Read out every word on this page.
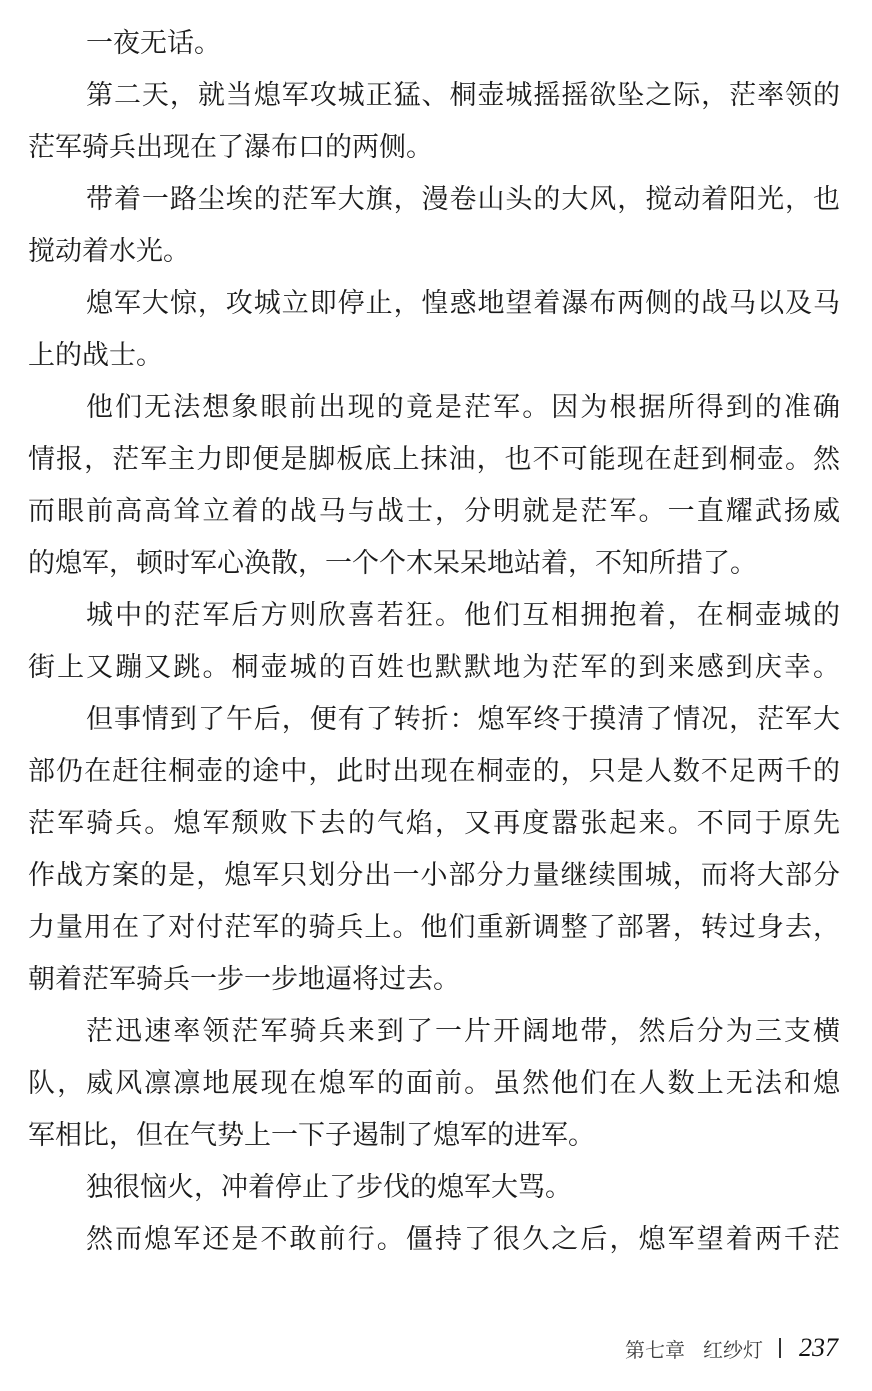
一夜无话。
第二天，就当熄军攻城正猛、桐壶城摇摇欲坠之际，茫率领的
茫军骑兵出现在了瀑布口的两侧。
带着一路尘埃的茫军大旗，漫卷山头的大风，搅动着阳光，也
搅动着水光。
熄军大惊，攻城立即停止，惶惑地望着瀑布两侧的战马以及马
上的战士。
他们无法想象眼前出现的竟是茫军。因为根据所得到的准确
情报，茫军主力即便是脚板底上抹油，也不可能现在赶到桐壶。然
而眼前高高耸立着的战马与战士，分明就是茫军。一直耀武扬威
的熄军，顿时军心涣散，一个个木呆呆地站着，不知所措了。
城中的茫军后方则欣喜若狂。他们互相拥抱着，在桐壶城的
街上又蹦又跳。桐壶城的百姓也默默地为茫军的到来感到庆幸。
但事情到了午后，便有了转折：熄军终于摸清了情况，茫军大
部仍在赶往桐壶的途中，此时出现在桐壶的，只是人数不足两千的
茫军骑兵。熄军颓败下去的气焰，又再度嚣张起来。不同于原先
作战方案的是，熄军只划分出一小部分力量继续围城，而将大部分
力量用在了对付茫军的骑兵上。他们重新调整了部署，转过身去，
朝着茫军骑兵一步一步地逼将过去。
茫迅速率领茫军骑兵来到了一片开阔地带，然后分为三支横
队，威风凛凛地展现在熄军的面前。虽然他们在人数上无法和熄
军相比，但在气势上一下子遏制了熄军的进军。
独很恼火，冲着停止了步伐的熄军大骂。
然而熄军还是不敢前行。僵持了很久之后，熄军望着两千茫
第七章 红纱灯 237
